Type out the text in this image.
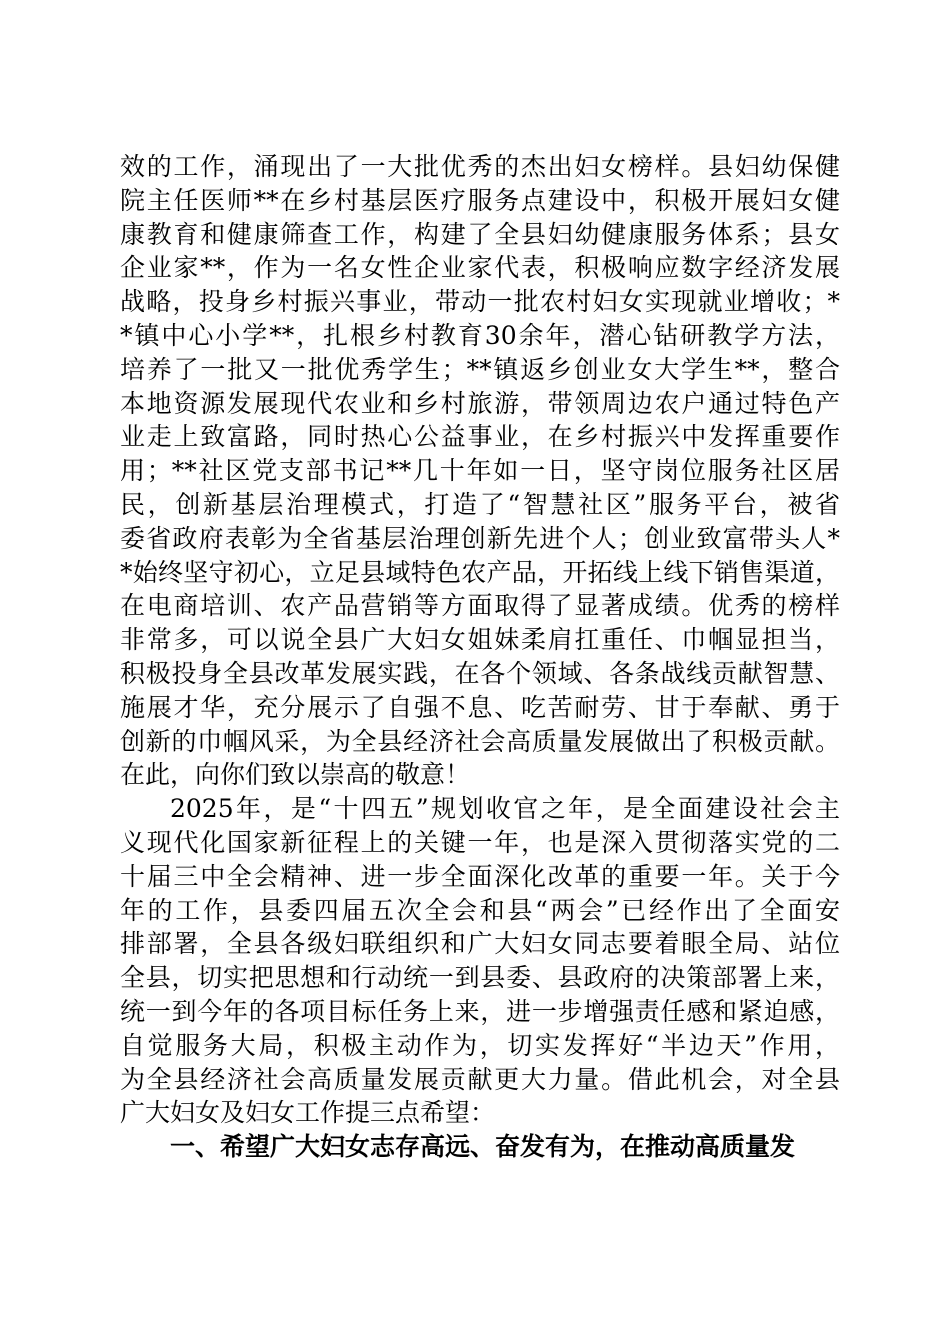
效的工作，涌现出了一大批优秀的杰出妇女榜样。县妇幼保健
院主任医师**在乡村基层医疗服务点建设中，积极开展妇女健
康教育和健康筛查工作，构建了全县妇幼健康服务体系；县女
企业家**，作为一名女性企业家代表，积极响应数字经济发展
战略，投身乡村振兴事业，带动一批农村妇女实现就业增收；*
*镇中心小学**，扎根乡村教育30余年，潜心钻研教学方法，
培养了一批又一批优秀学生；**镇返乡创业女大学生**，整合
本地资源发展现代农业和乡村旅游，带领周边农户通过特色产
业走上致富路，同时热心公益事业，在乡村振兴中发挥重要作
用；**社区党支部书记**几十年如一日，坚守岗位服务社区居
民，创新基层治理模式，打造了“智慧社区”服务平台，被省
委省政府表彰为全省基层治理创新先进个人；创业致富带头人*
*始终坚守初心，立足县域特色农产品，开拓线上线下销售渠道，
在电商培训、农产品营销等方面取得了显著成绩。优秀的榜样
非常多，可以说全县广大妇女姐妹柔肩扛重任、巾帼显担当，
积极投身全县改革发展实践，在各个领域、各条战线贡献智慧、
施展才华，充分展示了自强不息、吃苦耐劳、甘于奉献、勇于
创新的巾帼风采，为全县经济社会高质量发展做出了积极贡献。
在此，向你们致以崇高的敬意！
2025年，是“十四五”规划收官之年，是全面建设社会主
义现代化国家新征程上的关键一年，也是深入贯彻落实党的二
十届三中全会精神、进一步全面深化改革的重要一年。关于今
年的工作，县委四届五次全会和县“两会”已经作出了全面安
排部署，全县各级妇联组织和广大妇女同志要着眼全局、站位
全县，切实把思想和行动统一到县委、县政府的决策部署上来，
统一到今年的各项目标任务上来，进一步增强责任感和紧迫感，
自觉服务大局，积极主动作为，切实发挥好“半边天”作用，
为全县经济社会高质量发展贡献更大力量。借此机会，对全县
广大妇女及妇女工作提三点希望：
一、希望广大妇女志存高远、奋发有为，在推动高质量发
